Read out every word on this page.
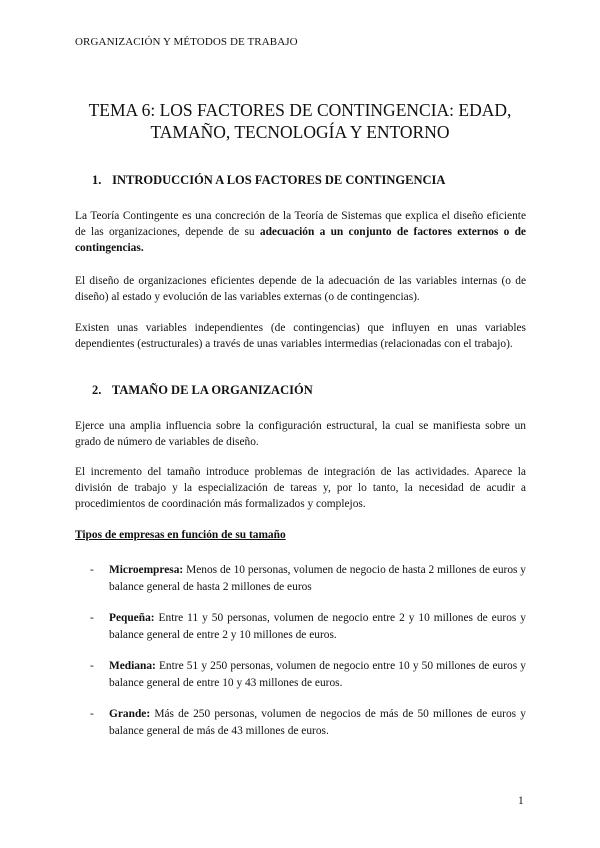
ORGANIZACIÓN Y MÉTODOS DE TRABAJO
TEMA 6: LOS FACTORES DE CONTINGENCIA: EDAD,
TAMAÑO, TECNOLOGÍA Y ENTORNO
1. INTRODUCCIÓN A LOS FACTORES DE CONTINGENCIA

La Teoría Contingente es una concreción de la Teoría de Sistemas que explica el diseño eficiente de las organizaciones, depende de su adecuación a un conjunto de factores externos o de contingencias.

El diseño de organizaciones eficientes depende de la adecuación de las variables internas (o de diseño) al estado y evolución de las variables externas (o de contingencias).

Existen unas variables independientes (de contingencias) que influyen en unas variables dependientes (estructurales) a través de unas variables intermedias (relacionadas con el trabajo).

2. TAMAÑO DE LA ORGANIZACIÓN

Ejerce una amplia influencia sobre la configuración estructural, la cual se manifiesta sobre un grado de número de variables de diseño.

El incremento del tamaño introduce problemas de integración de las actividades. Aparece la división de trabajo y la especialización de tareas y, por lo tanto, la necesidad de acudir a procedimientos de coordinación más formalizados y complejos.

Tipos de empresas en función de su tamaño
- Microempresa: Menos de 10 personas, volumen de negocio de hasta 2 millones de euros y balance general de hasta 2 millones de euros
- Pequeña: Entre 11 y 50 personas, volumen de negocio entre 2 y 10 millones de euros y balance general de entre 2 y 10 millones de euros.
- Mediana: Entre 51 y 250 personas, volumen de negocio entre 10 y 50 millones de euros y balance general de entre 10 y 43 millones de euros.
- Grande: Más de 250 personas, volumen de negocios de más de 50 millones de euros y balance general de más de 43 millones de euros.
1
